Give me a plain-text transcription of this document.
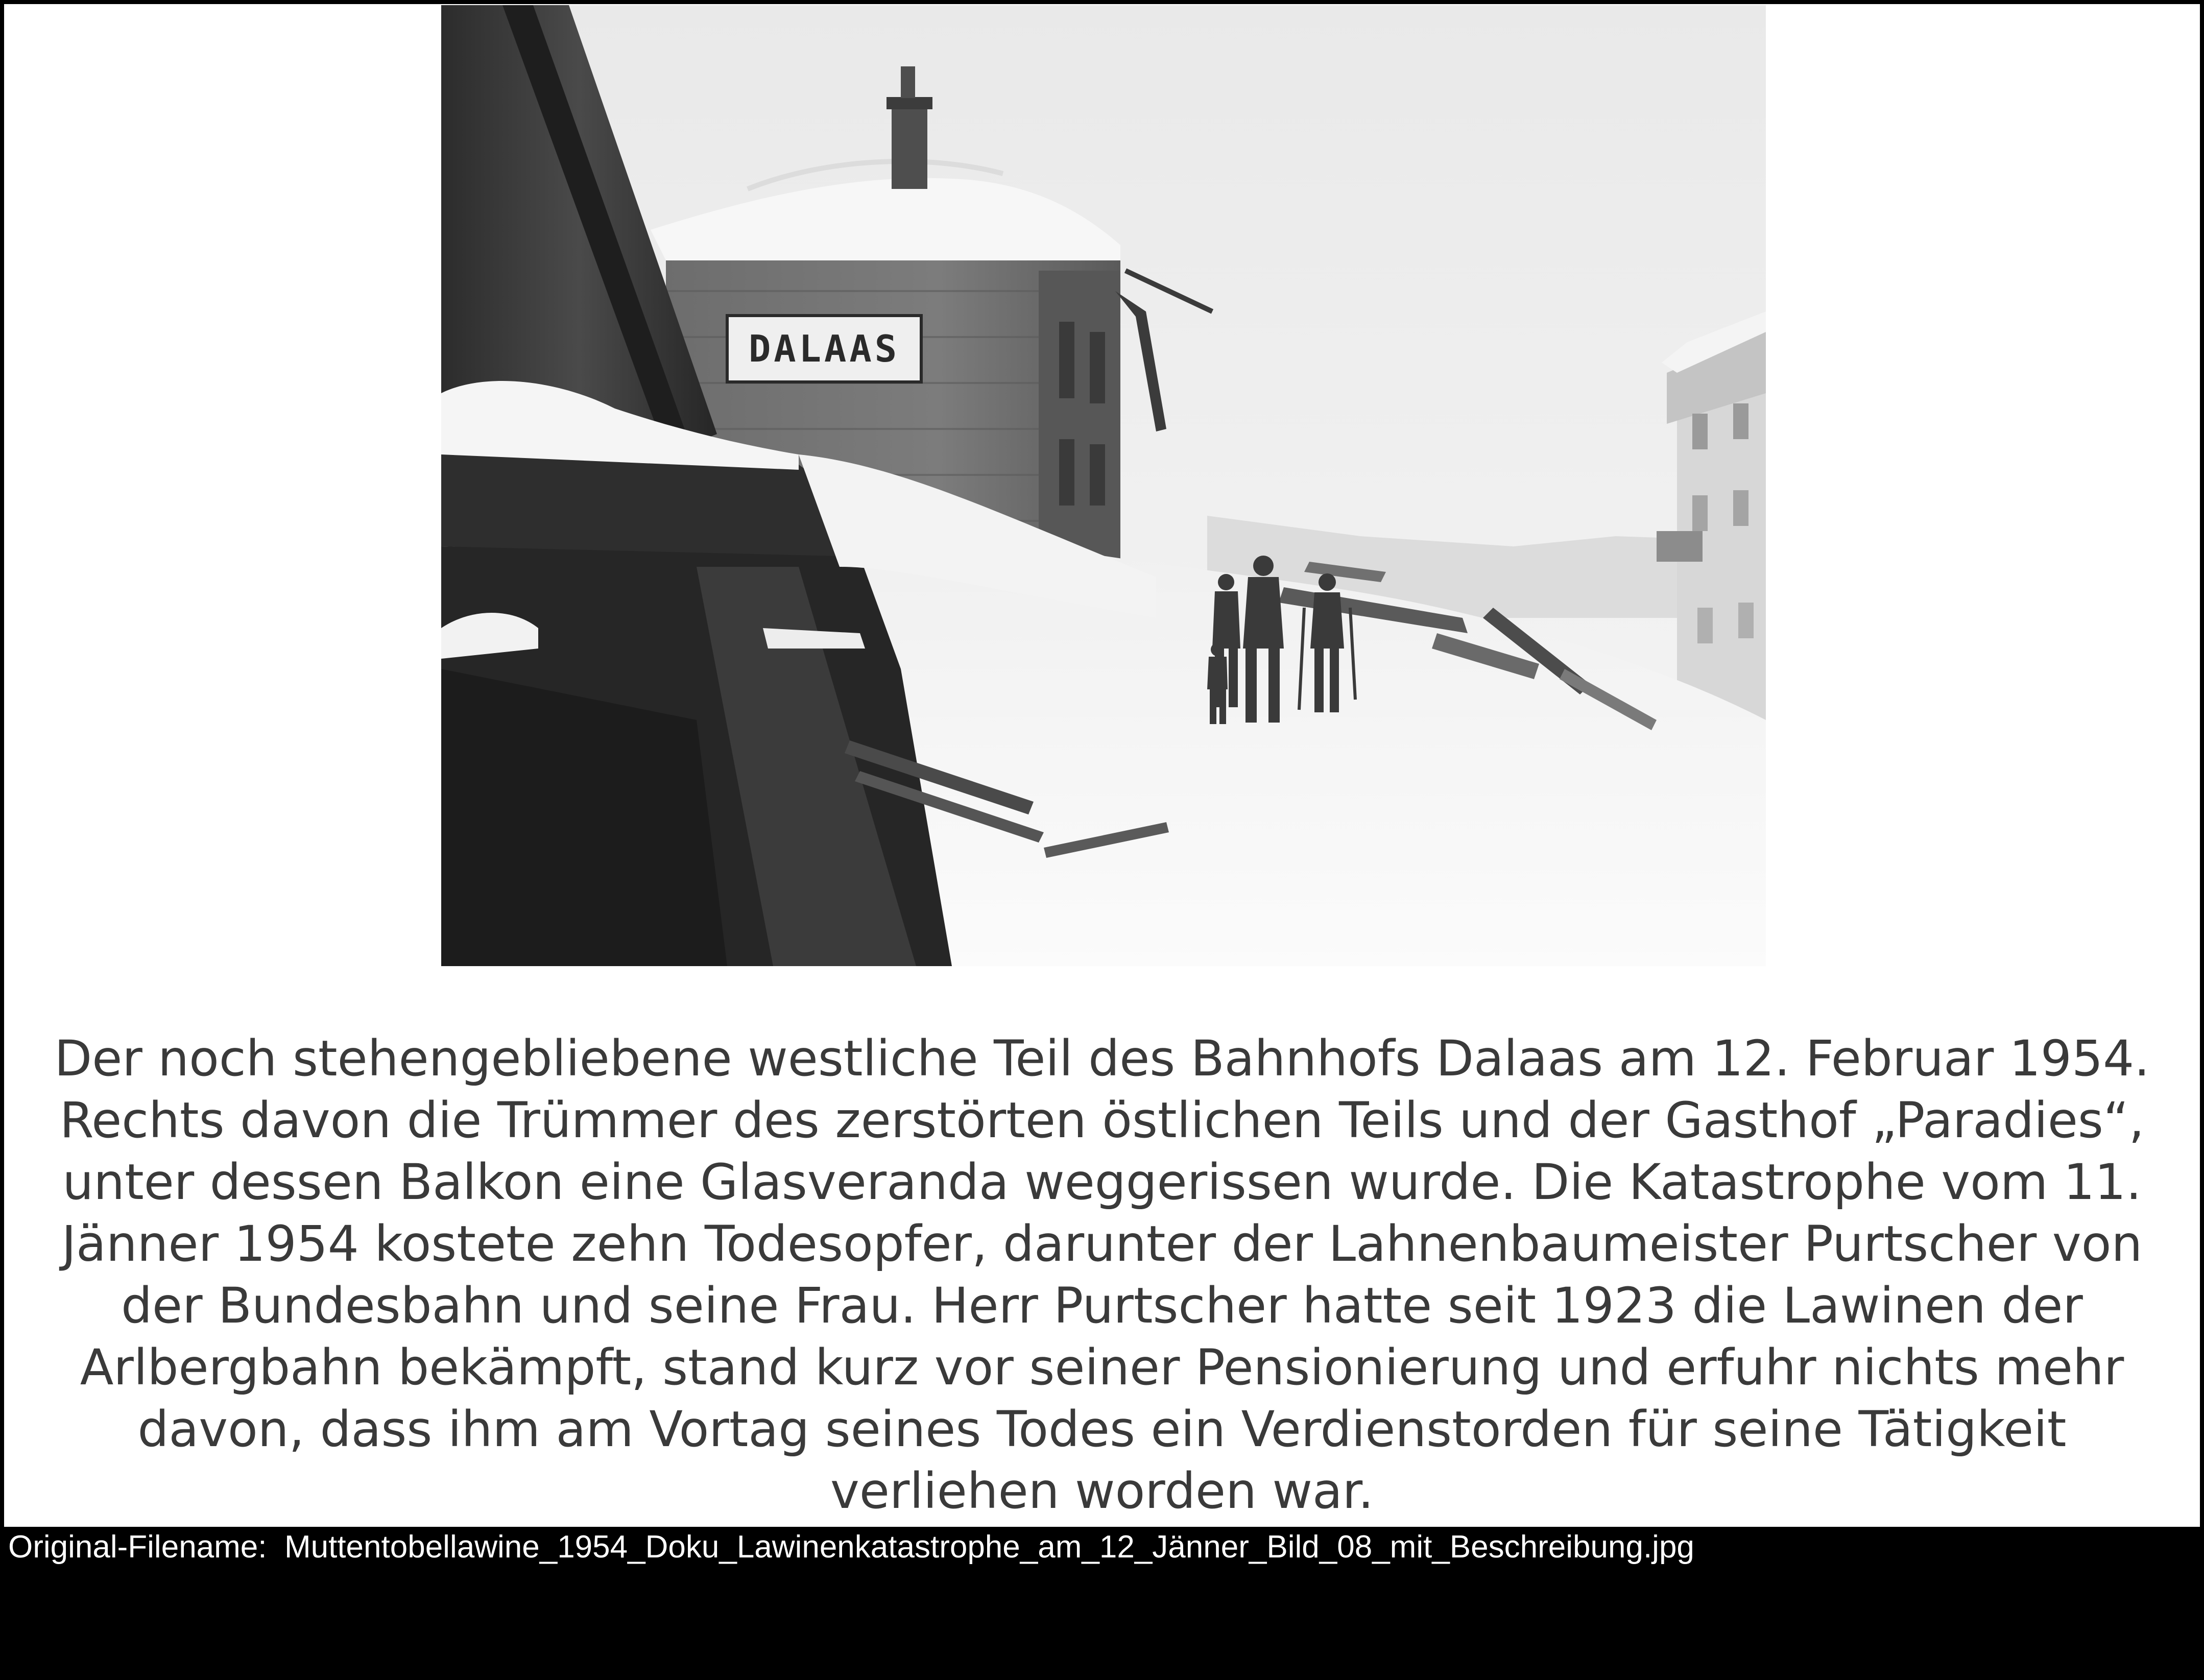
DALAAS

Der noch stehengebliebene westliche Teil des Bahnhofs Dalaas am 12. Februar 1954.
Rechts davon die Trümmer des zerstörten östlichen Teils und der Gasthof „Paradies“,
unter dessen Balkon eine Glasveranda weggerissen wurde. Die Katastrophe vom 11.
Jänner 1954 kostete zehn Todesopfer, darunter der Lahnenbaumeister Purtscher von
der Bundesbahn und seine Frau. Herr Purtscher hatte seit 1923 die Lawinen der
Arlbergbahn bekämpft, stand kurz vor seiner Pensionierung und erfuhr nichts mehr
davon, dass ihm am Vortag seines Todes ein Verdienstorden für seine Tätigkeit
verliehen worden war.

Original-Filename: Muttentobellawine_1954_Doku_Lawinenkatastrophe_am_12_Jänner_Bild_08_mit_Beschreibung.jpg
